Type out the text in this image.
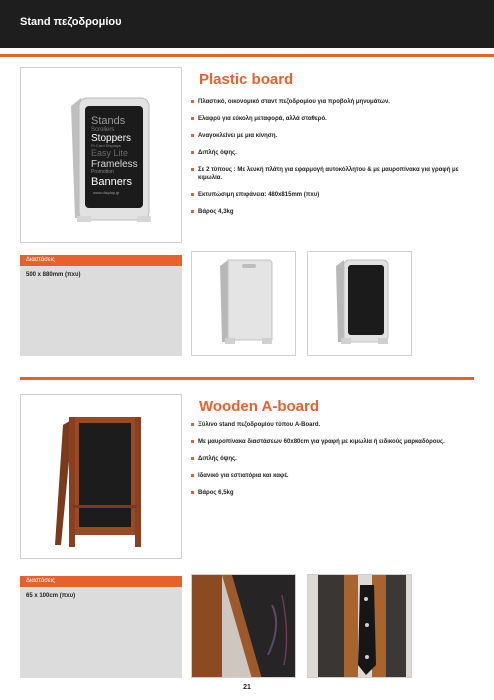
Stand πεζοδρομίου
Stands
Scrollers
Stoppers
Pr.Card Displays
Easy Lite
Frameless
Promotion
Banners
www.display.gr
Plastic board
Πλαστικό, οικονομικό σταντ πεζοδρομίου για προβολή μηνυμάτων.
Ελαφρύ για εύκολη μεταφορά, αλλά σταθερό.
Αναγοκλείνει με μια κίνηση.
Διπλής όψης.
Σε 2 τύπους : Με λευκή πλάτη για εφαρμογή αυτοκόλλητου & με μαυροπίνακα για γραφή με κιμωλία.
Εκτυπώσιμη επιφάνεια: 480x815mm (πxυ)
Βάρος 4,3kg
Διαστάσεις
500 x 880mm (πxυ)
Wooden A-board
Ξύλινο stand πεζοδρομίου τύπου A-Board.
Με μαυροπίνακα διαστάσεων 60x80cm για γραφή με κιμωλία ή ειδικούς μαρκαδόρους.
Διπλής όψης.
Ιδανικό για εστιατόρια και καφέ.
Βάρος 6,5kg
Διαστάσεις
65 x 100cm (πxυ)
21
